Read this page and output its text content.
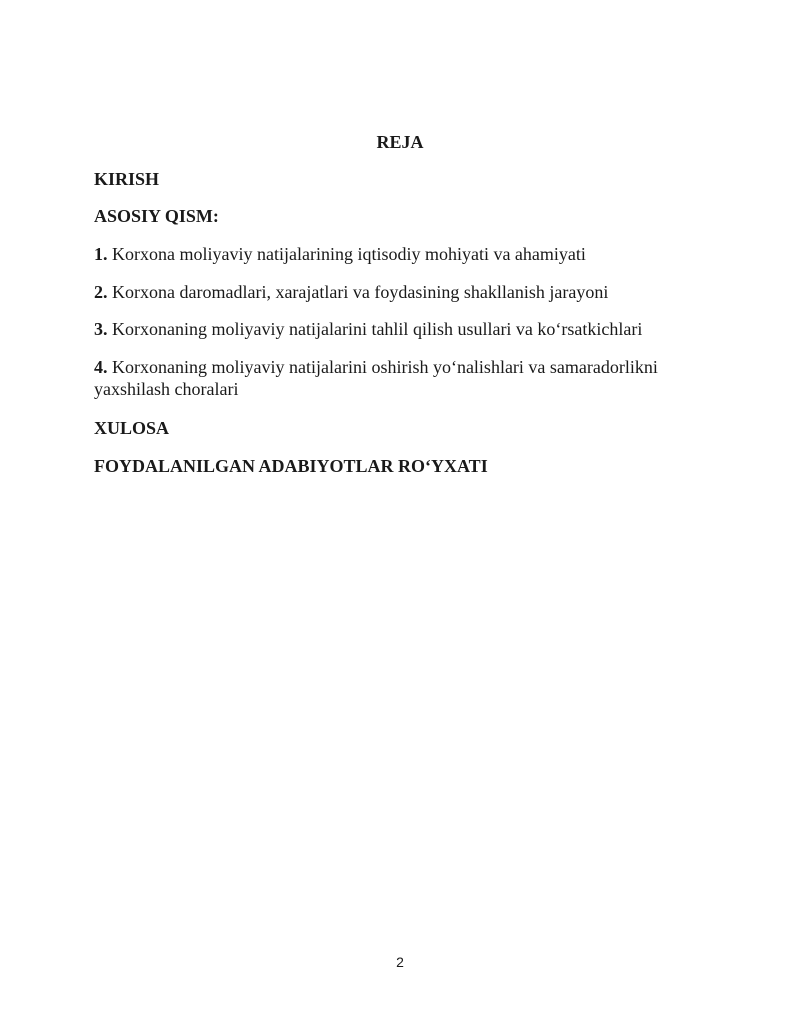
REJA
KIRISH
ASOSIY QISM:
1. Korxona moliyaviy natijalarining iqtisodiy mohiyati va ahamiyati
2. Korxona daromadlari, xarajatlari va foydasining shakllanish jarayoni
3. Korxonaning moliyaviy natijalarini tahlil qilish usullari va ko‘rsatkichlari
4. Korxonaning moliyaviy natijalarini oshirish yo‘nalishlari va samaradorlikni yaxshilash choralari
XULOSA
FOYDALANILGAN ADABIYOTLAR RO‘YXATI
2
